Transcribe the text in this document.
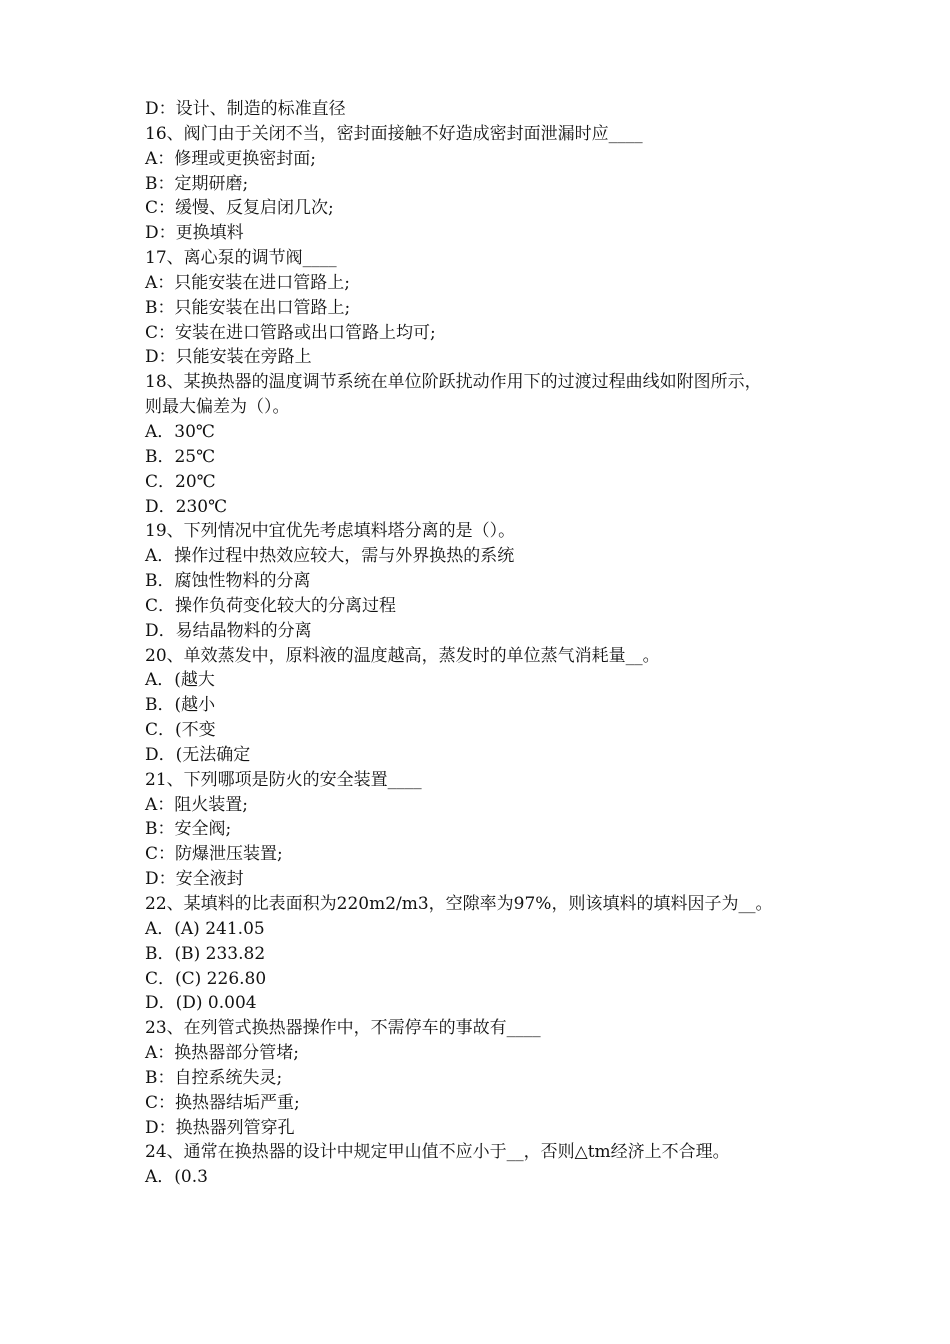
D：设计、制造的标准直径
16、阀门由于关闭不当，密封面接触不好造成密封面泄漏时应____
A：修理或更换密封面;
B：定期研磨;
C：缓慢、反复启闭几次;
D：更换填料
17、离心泵的调节阀____
A：只能安装在进口管路上;
B：只能安装在出口管路上;
C：安装在进口管路或出口管路上均可;
D：只能安装在旁路上
18、某换热器的温度调节系统在单位阶跃扰动作用下的过渡过程曲线如附图所示，
则最大偏差为（）。
A．30℃
B．25℃
C．20℃
D．230℃
19、下列情况中宜优先考虑填料塔分离的是（）。
A．操作过程中热效应较大，需与外界换热的系统
B．腐蚀性物料的分离
C．操作负荷变化较大的分离过程
D．易结晶物料的分离
20、单效蒸发中，原料液的温度越高，蒸发时的单位蒸气消耗量__。
A．(越大
B．(越小
C．(不变
D．(无法确定
21、下列哪项是防火的安全装置____
A：阻火装置;
B：安全阀;
C：防爆泄压装置;
D：安全液封
22、某填料的比表面积为220m2/m3，空隙率为97%，则该填料的填料因子为__。
A．(A) 241.05
B．(B) 233.82
C．(C) 226.80
D．(D) 0.004
23、在列管式换热器操作中，不需停车的事故有____
A：换热器部分管堵;
B：自控系统失灵;
C：换热器结垢严重;
D：换热器列管穿孔
24、通常在换热器的设计中规定甲山值不应小于__，否则△tm经济上不合理。
A．(0.3
